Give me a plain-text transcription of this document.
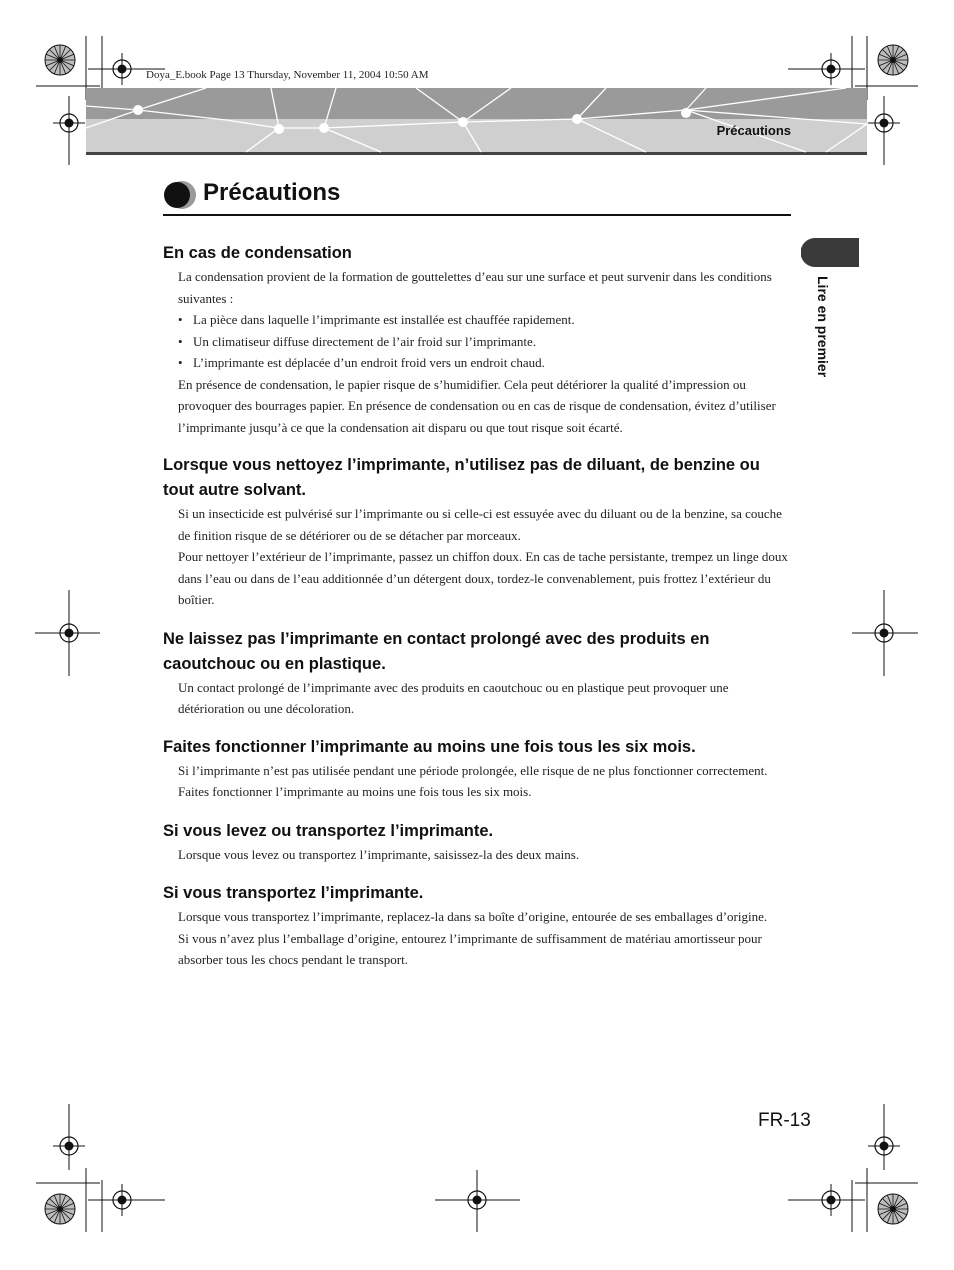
Doya_E.book Page 13 Thursday, November 11, 2004 10:50 AM
Précautions
Précautions
Lire en premier
En cas de condensation

La condensation provient de la formation de gouttelettes d’eau sur une surface et peut survenir dans les conditions suivantes :

• La pièce dans laquelle l’imprimante est installée est chauffée rapidement.
• Un climatiseur diffuse directement de l’air froid sur l’imprimante.
• L’imprimante est déplacée d’un endroit froid vers un endroit chaud.

En présence de condensation, le papier risque de s’humidifier. Cela peut détériorer la qualité d’impression ou provoquer des bourrages papier. En présence de condensation ou en cas de risque de condensation, évitez d’utiliser l’imprimante jusqu’à ce que la condensation ait disparu ou que tout risque soit écarté.

Lorsque vous nettoyez l’imprimante, n’utilisez pas de diluant, de benzine ou tout autre solvant.

Si un insecticide est pulvérisé sur l’imprimante ou si celle-ci est essuyée avec du diluant ou de la benzine, sa couche de finition risque de se détériorer ou de se détacher par morceaux.

Pour nettoyer l’extérieur de l’imprimante, passez un chiffon doux. En cas de tache persistante, trempez un linge doux dans l’eau ou dans de l’eau additionnée d’un détergent doux, tordez-le convenablement, puis frottez l’extérieur du boîtier.

Ne laissez pas l’imprimante en contact prolongé avec des produits en caoutchouc ou en plastique.

Un contact prolongé de l’imprimante avec des produits en caoutchouc ou en plastique peut provoquer une détérioration ou une décoloration.

Faites fonctionner l’imprimante au moins une fois tous les six mois.

Si l’imprimante n’est pas utilisée pendant une période prolongée, elle risque de ne plus fonctionner correctement.

Faites fonctionner l’imprimante au moins une fois tous les six mois.

Si vous levez ou transportez l’imprimante.

Lorsque vous levez ou transportez l’imprimante, saisissez-la des deux mains.

Si vous transportez l’imprimante.

Lorsque vous transportez l’imprimante, replacez-la dans sa boîte d’origine, entourée de ses emballages d’origine.

Si vous n’avez plus l’emballage d’origine, entourez l’imprimante de suffisamment de matériau amortisseur pour absorber tous les chocs pendant le transport.

FR-13
